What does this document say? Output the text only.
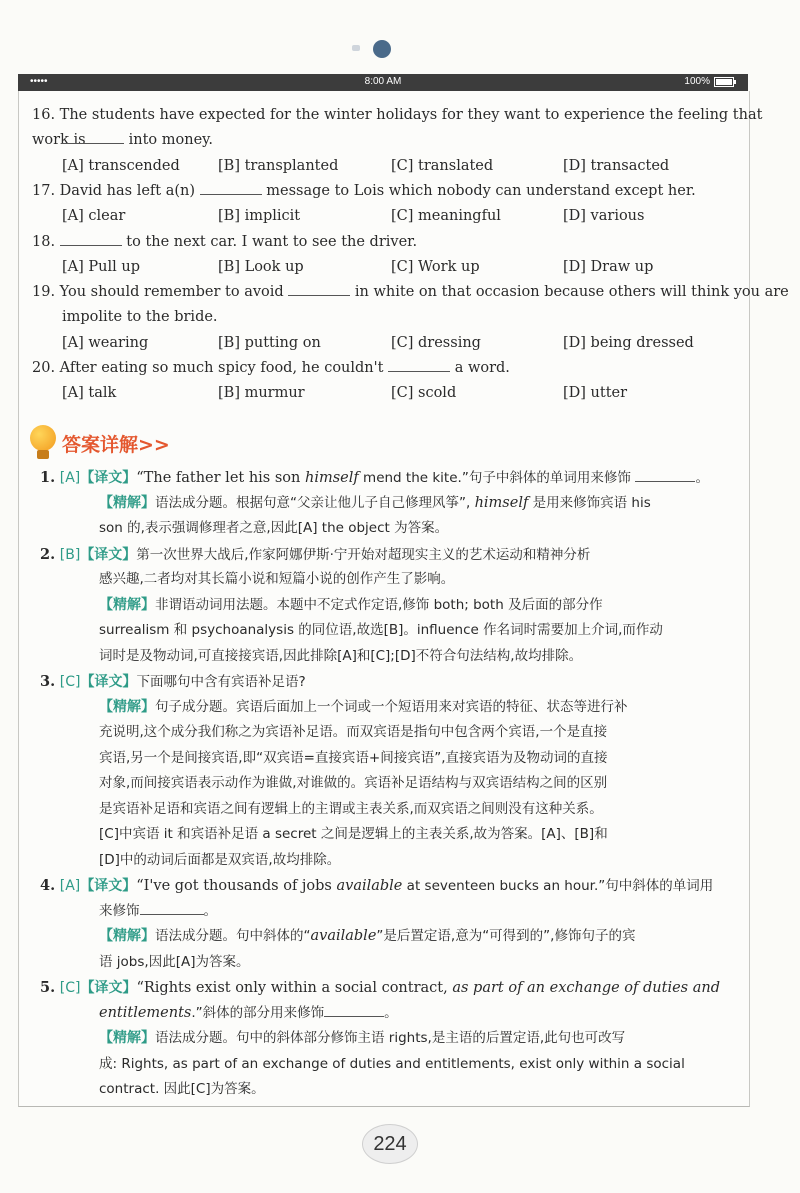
•••••	8:00 AM	100%
16. The students have expected for the winter holidays for they want to experience the feeling that work is	into money.
[A] transcended	[B] transplanted	[C] translated	[D] transacted
17. David has left a(n)	message to Lois which nobody can understand except her.
[A] clear	[B] implicit	[C] meaningful	[D] various
18.	to the next car. I want to see the driver.
[A] Pull up	[B] Look up	[C] Work up	[D] Draw up
19. You should remember to avoid	in white on that occasion because others will think you are
impolite to the bride.
[A] wearing	[B] putting on	[C] dressing	[D] being dressed
20. After eating so much spicy food, he couldn't	a word.
[A] talk	[B] murmur	[C] scold	[D] utter
答案详解>>
1. [A]【译文】“The father let his son himself mend the kite.”句子中斜体的单词用来修饰	。
【精解】语法成分题。根据句意“父亲让他儿子自己修理风筝”, himself 是用来修饰宾语 his
son 的,表示强调修理者之意,因此[A] the object 为答案。
2. [B]【译文】第一次世界大战后,作家阿娜伊斯·宁开始对超现实主义的艺术运动和精神分析
感兴趣,二者均对其长篇小说和短篇小说的创作产生了影响。
【精解】非谓语动词用法题。本题中不定式作定语,修饰 both; both 及后面的部分作
surrealism 和 psychoanalysis 的同位语,故选[B]。influence 作名词时需要加上介词,而作动
词时是及物动词,可直接接宾语,因此排除[A]和[C];[D]不符合句法结构,故均排除。
3. [C]【译文】下面哪句中含有宾语补足语?
【精解】句子成分题。宾语后面加上一个词或一个短语用来对宾语的特征、状态等进行补
充说明,这个成分我们称之为宾语补足语。而双宾语是指句中包含两个宾语,一个是直接
宾语,另一个是间接宾语,即“双宾语=直接宾语+间接宾语”,直接宾语为及物动词的直接
对象,而间接宾语表示动作为谁做,对谁做的。宾语补足语结构与双宾语结构之间的区别
是宾语补足语和宾语之间有逻辑上的主谓或主表关系,而双宾语之间则没有这种关系。
[C]中宾语 it 和宾语补足语 a secret 之间是逻辑上的主表关系,故为答案。[A]、[B]和
[D]中的动词后面都是双宾语,故均排除。
4. [A]【译文】“I've got thousands of jobs available at seventeen bucks an hour.”句中斜体的单词用
来修饰	。
【精解】语法成分题。句中斜体的“available”是后置定语,意为“可得到的”,修饰句子的宾
语 jobs,因此[A]为答案。
5. [C]【译文】“Rights exist only within a social contract, as part of an exchange of duties and
entitlements.”斜体的部分用来修饰	。
【精解】语法成分题。句中的斜体部分修饰主语 rights,是主语的后置定语,此句也可改写
成: Rights, as part of an exchange of duties and entitlements, exist only within a social
contract. 因此[C]为答案。
224
